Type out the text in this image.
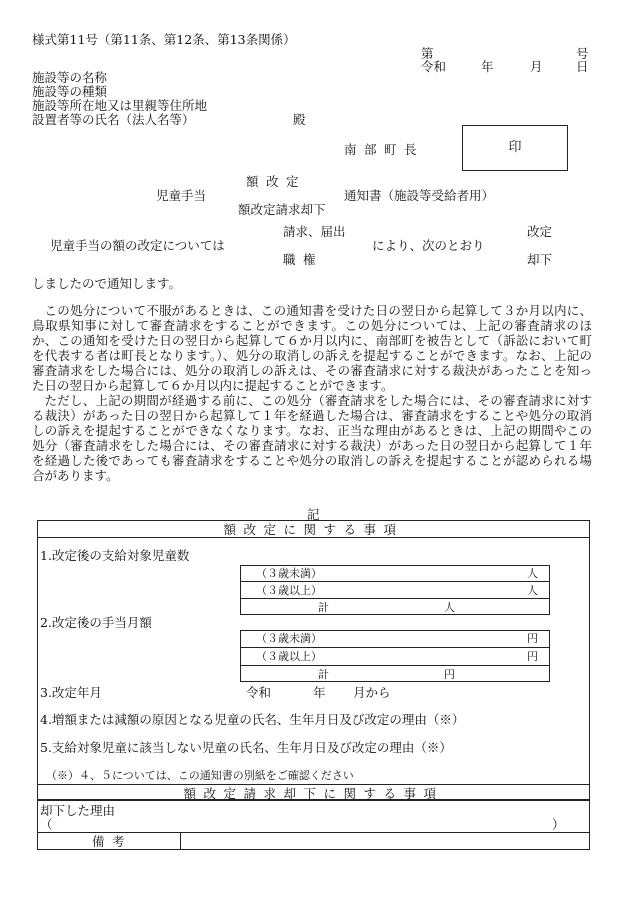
様式第11号（第11条、第12条、第13条関係）
第	号
令和	年	月	日
施設等の名称
施設等の種類
施設等所在地又は里親等住所地
設置者等の氏名（法人名等）	殿
南部町長	印
額改定
児童手当	通知書（施設等受給者用）
額改定請求却下
請求、届出	改定
児童手当の額の改定については	により、次のとおり
職権	却下
しましたので通知します。

この処分について不服があるときは、この通知書を受けた日の翌日から起算して３か月以内に、鳥取県知事に対して審査請求をすることができます。この処分については、上記の審査請求のほか、この通知を受けた日の翌日から起算して６か月以内に、南部町を被告として（訴訟において町を代表する者は町長となります。）、処分の取消しの訴えを提起することができます。なお、上記の審査請求をした場合には、処分の取消しの訴えは、その審査請求に対する裁決があったことを知った日の翌日から起算して６か月以内に提起することができます。

ただし、上記の期間が経過する前に、この処分（審査請求をした場合には、その審査請求に対する裁決）があった日の翌日から起算して１年を経過した場合は、審査請求をすることや処分の取消しの訴えを提起することができなくなります。なお、正当な理由があるときは、上記の期間やこの処分（審査請求をした場合には、その審査請求に対する裁決）があった日の翌日から起算して１年を経過した後であっても審査請求をすることや処分の取消しの訴えを提起することが認められる場合があります。

記
額改定に関する事項
1.改定後の支給対象児童数
（３歳未満）	人
（３歳以上）	人
計	人
2.改定後の手当月額
（３歳未満）	円
（３歳以上）	円
計	円
3.改定年月	令和	年 月から
4.増額または減額の原因となる児童の氏名、生年月日及び改定の理由（※）
5.支給対象児童に該当しない児童の氏名、生年月日及び改定の理由（※）
（※）４、５については、この通知書の別紙をご確認ください
額改定請求却下に関する事項
却下した理由
（	）
備考
